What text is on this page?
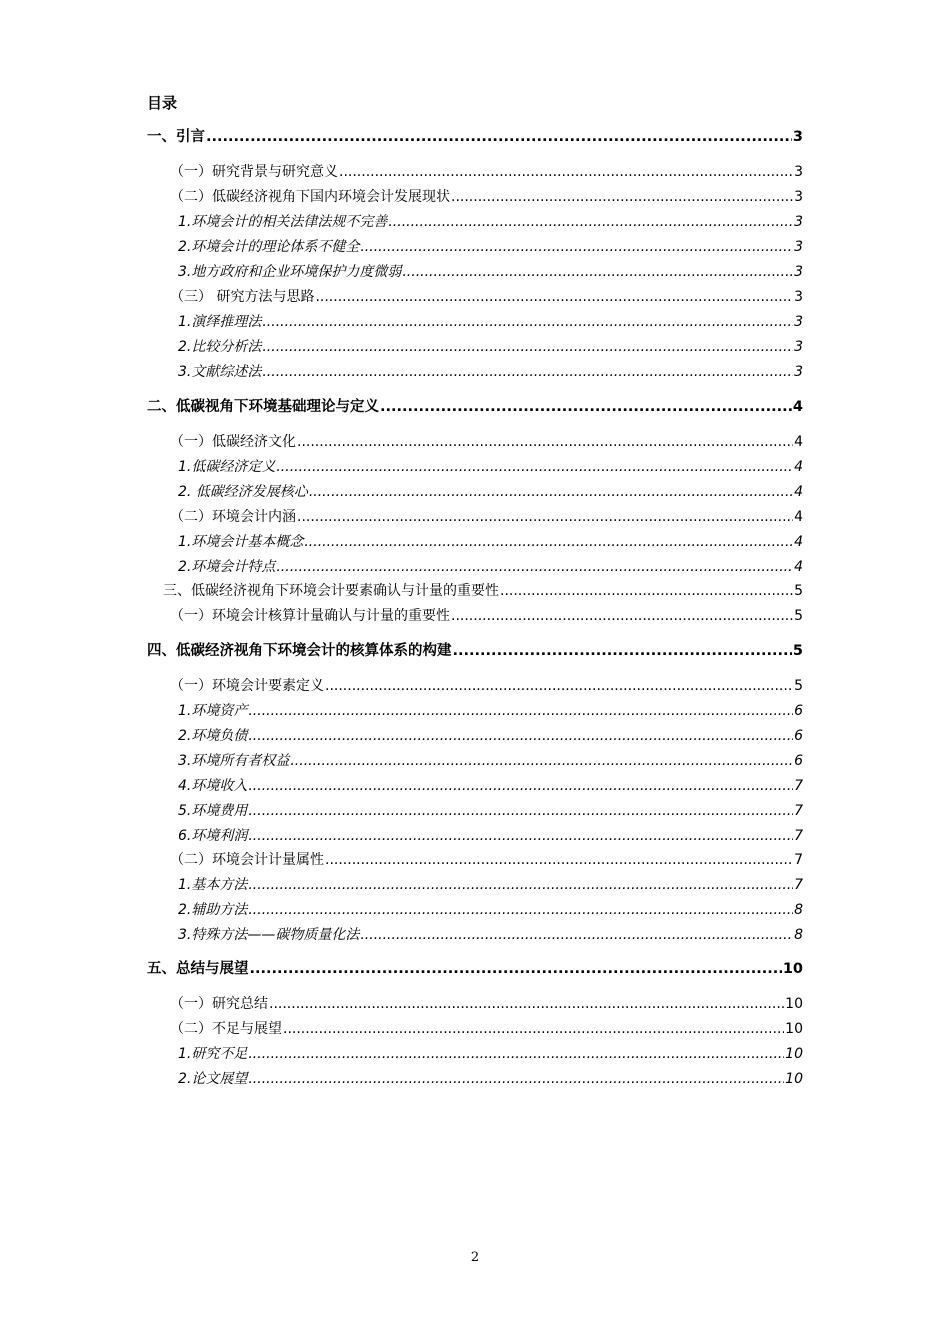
目录
一、引言 .....	3
（一）研究背景与研究意义 .....	3
（二）低碳经济视角下国内环境会计发展现状 .....	3
1.环境会计的相关法律法规不完善 .....	3
2.环境会计的理论体系不健全 .....	3
3.地方政府和企业环境保护力度微弱 .....	3
（三） 研究方法与思路 .....	3
1.演绎推理法 .....	3
2.比较分析法 .....	3
3.文献综述法 .....	3
二、低碳视角下环境基础理论与定义 .....	4
（一）低碳经济文化 .....	4
1.低碳经济定义 .....	4
2. 低碳经济发展核心 .....	4
（二）环境会计内涵 .....	4
1.环境会计基本概念 .....	4
2.环境会计特点 .....	4
三、低碳经济视角下环境会计要素确认与计量的重要性 .....	5
（一）环境会计核算计量确认与计量的重要性 .....	5
四、低碳经济视角下环境会计的核算体系的构建 .....	5
（一）环境会计要素定义 .....	5
1.环境资产 .....	6
2.环境负债 .....	6
3.环境所有者权益 .....	6
4.环境收入 .....	7
5.环境费用 .....	7
6.环境利润 .....	7
（二）环境会计计量属性 .....	7
1.基本方法 .....	7
2.辅助方法 .....	8
3.特殊方法——碳物质量化法 .....	8
五、总结与展望 .....	10
（一）研究总结 .....	10
（二）不足与展望 .....	10
1.研究不足 .....	10
2.论文展望 .....	10
2
